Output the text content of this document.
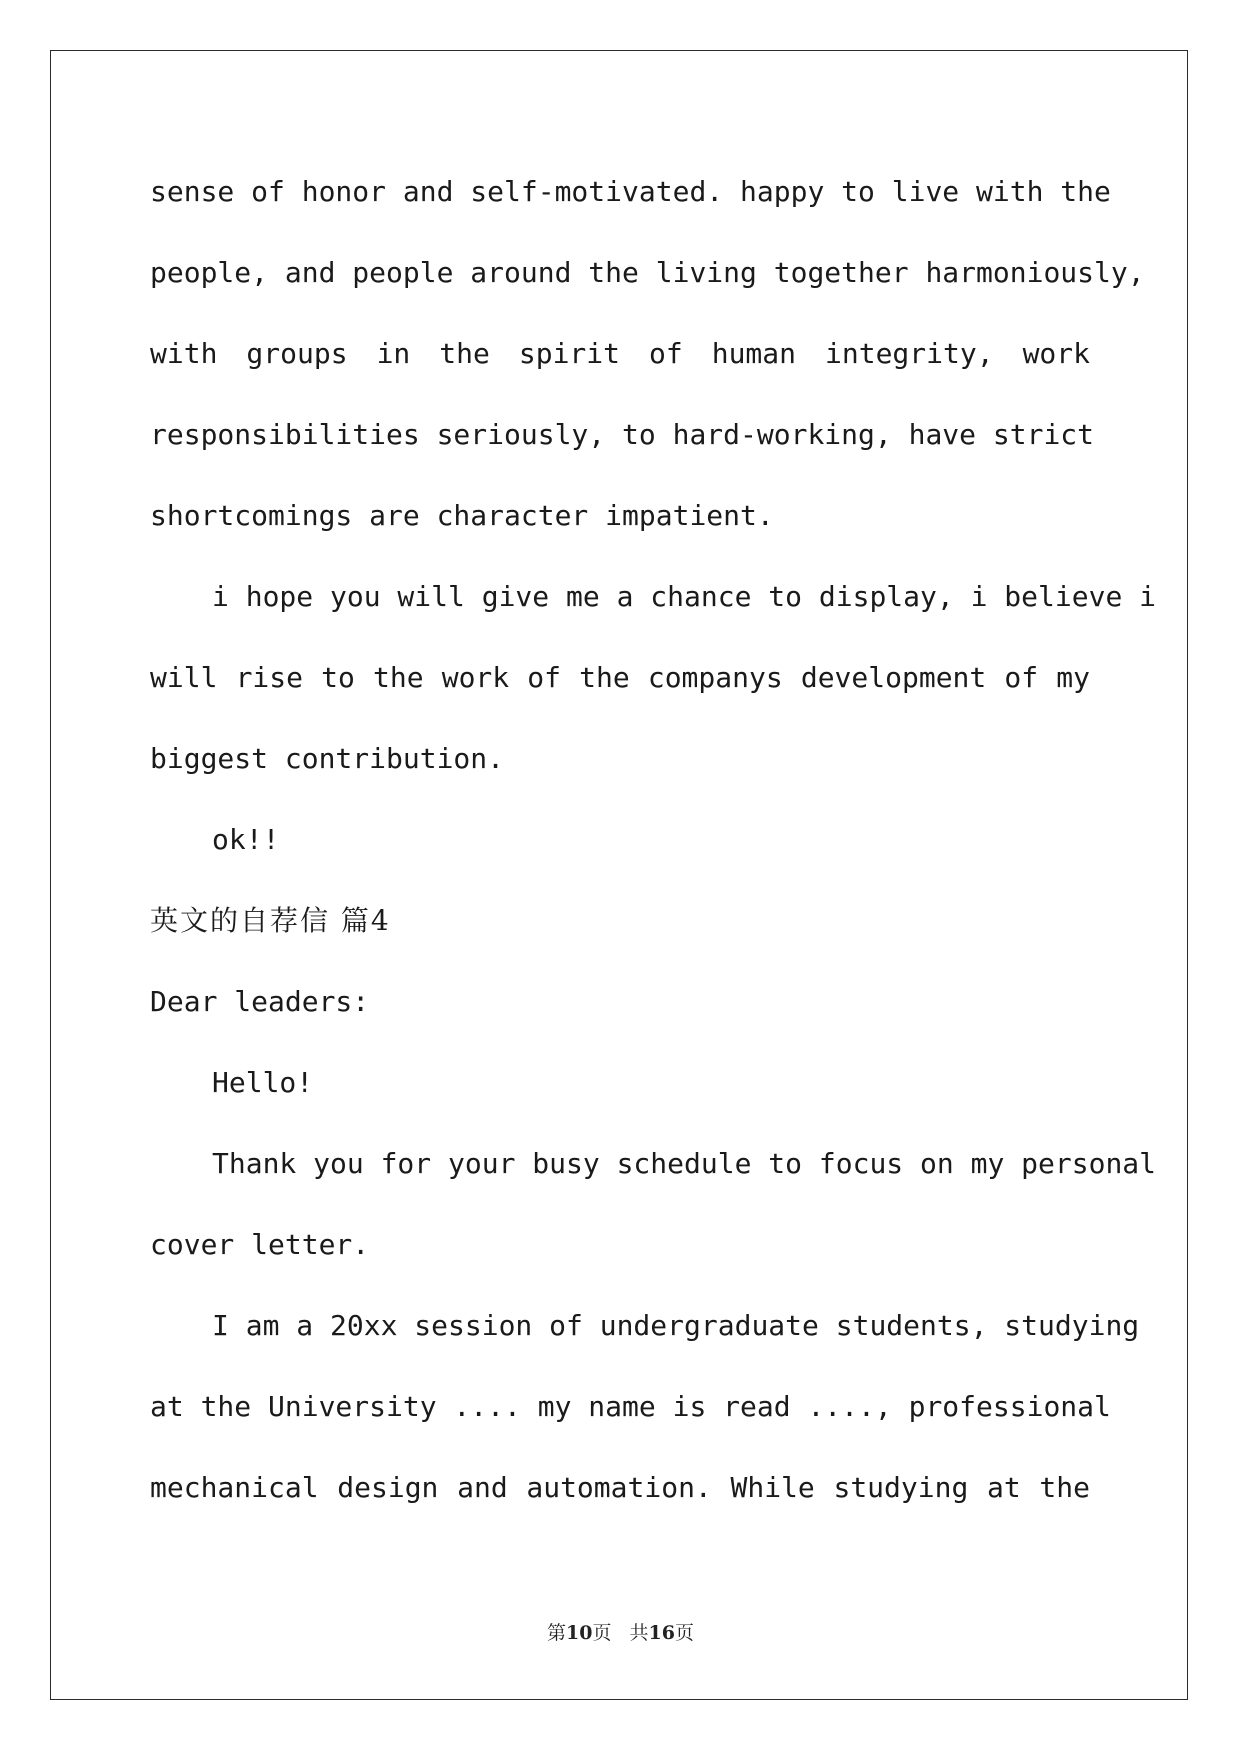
sense of honor and self-motivated. happy to live with the
people, and people around the living together harmoniously,
with groups in the spirit of human integrity, work
responsibilities seriously, to hard-working, have strict
shortcomings are character impatient.
i hope you will give me a chance to display, i believe i
will rise to the work of the companys development of my
biggest contribution.
ok!!
英文的自荐信 篇4
Dear leaders:
Hello!
Thank you for your busy schedule to focus on my personal
cover letter.
I am a 20xx session of undergraduate students, studying
at the University .... my name is read ...., professional
mechanical design and automation. While studying at the
第10页 共16页
